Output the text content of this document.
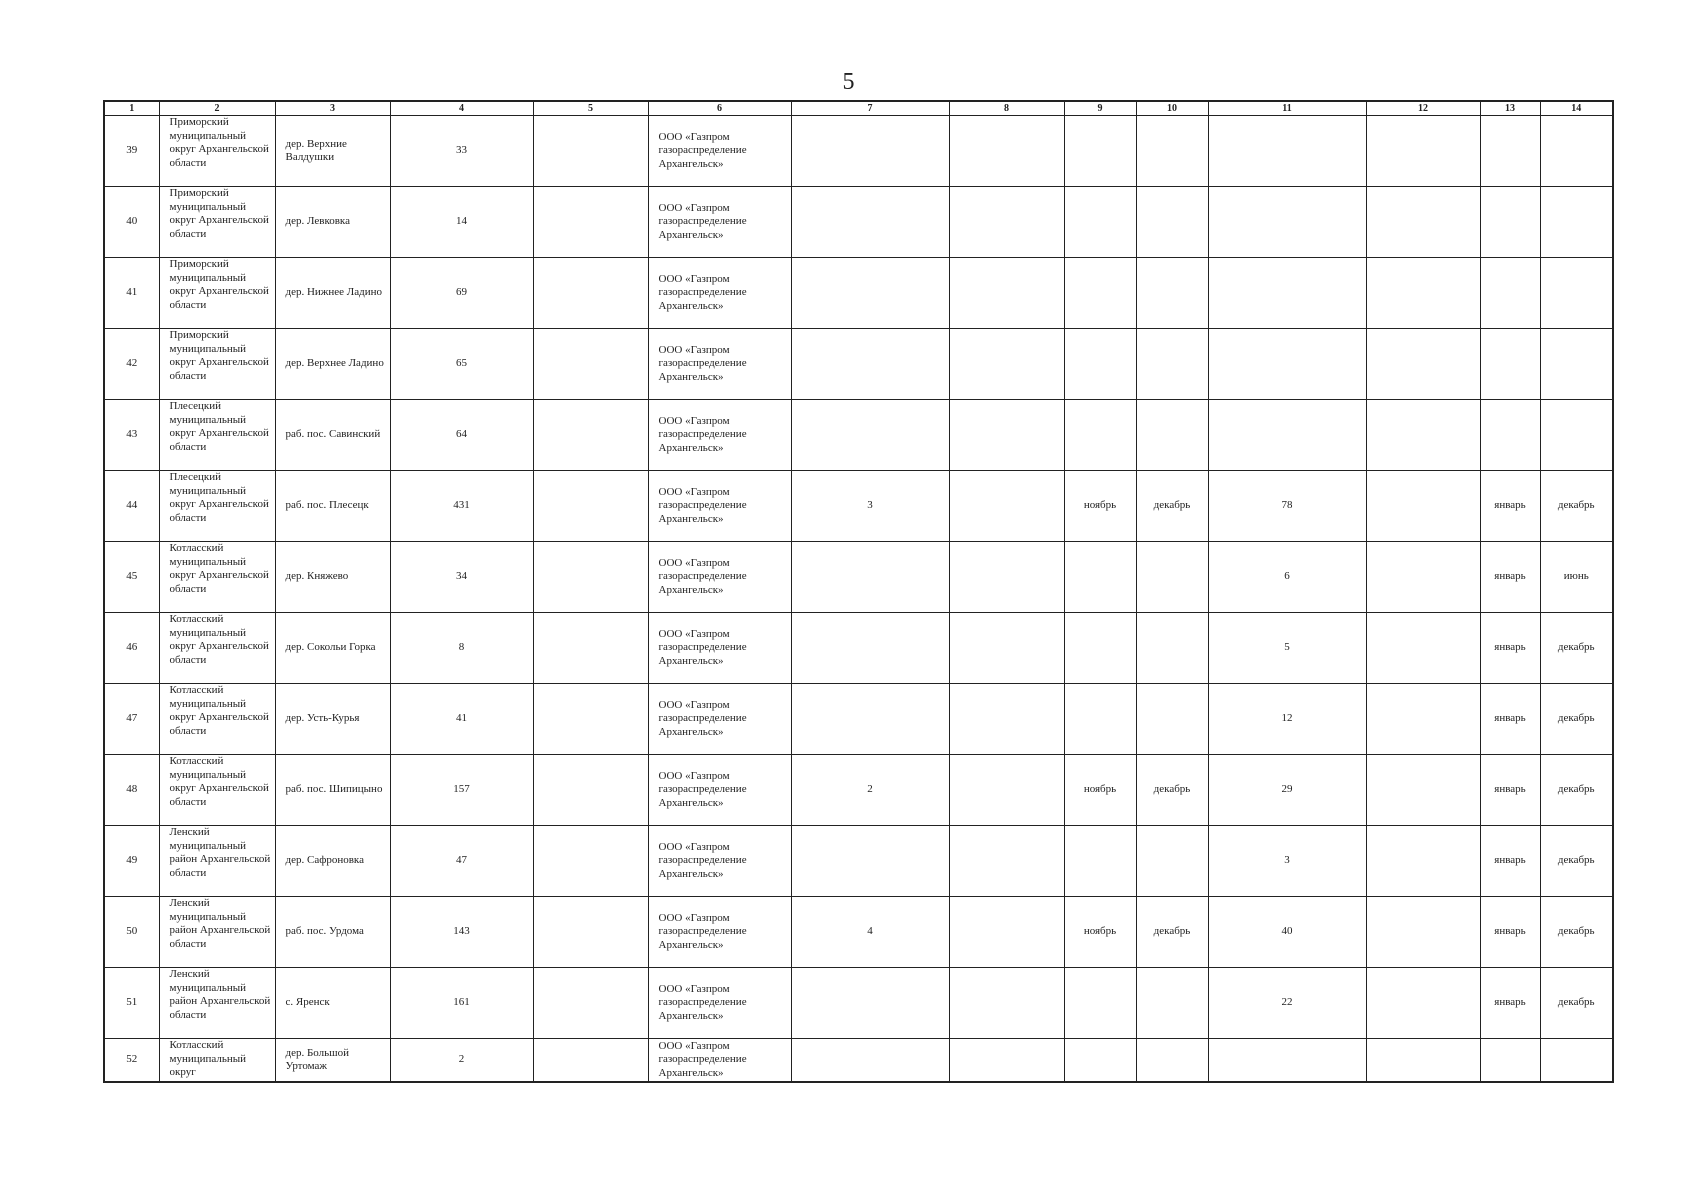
5
1	2	3	4	5	6	7	8	9	10	11	12	13	14
39	Приморский муниципальный округ Архангельской области	дер. Верхние Валдушки	33		ООО «Газпром газораспределение Архангельск»								
40	Приморский муниципальный округ Архангельской области	дер. Левковка	14		ООО «Газпром газораспределение Архангельск»								
41	Приморский муниципальный округ Архангельской области	дер. Нижнее Ладино	69		ООО «Газпром газораспределение Архангельск»								
42	Приморский муниципальный округ Архангельской области	дер. Верхнее Ладино	65		ООО «Газпром газораспределение Архангельск»								
43	Плесецкий муниципальный округ Архангельской области	раб. пос. Савинский	64		ООО «Газпром газораспределение Архангельск»								
44	Плесецкий муниципальный округ Архангельской области	раб. пос. Плесецк	431		ООО «Газпром газораспределение Архангельск»	3		ноябрь	декабрь	78		январь	декабрь
45	Котласский муниципальный округ Архангельской области	дер. Княжево	34		ООО «Газпром газораспределение Архангельск»					6		январь	июнь
46	Котласский муниципальный округ Архангельской области	дер. Сокольи Горка	8		ООО «Газпром газораспределение Архангельск»					5		январь	декабрь
47	Котласский муниципальный округ Архангельской области	дер. Усть-Курья	41		ООО «Газпром газораспределение Архангельск»					12		январь	декабрь
48	Котласский муниципальный округ Архангельской области	раб. пос. Шипицыно	157		ООО «Газпром газораспределение Архангельск»	2		ноябрь	декабрь	29		январь	декабрь
49	Ленский муниципальный район Архангельской области	дер. Сафроновка	47		ООО «Газпром газораспределение Архангельск»					3		январь	декабрь
50	Ленский муниципальный район Архангельской области	раб. пос. Урдома	143		ООО «Газпром газораспределение Архангельск»	4		ноябрь	декабрь	40		январь	декабрь
51	Ленский муниципальный район Архангельской области	с. Яренск	161		ООО «Газпром газораспределение Архангельск»					22		январь	декабрь
52	Котласский муниципальный округ	дер. Большой Уртомаж	2		ООО «Газпром газораспределение Архангельск»								
